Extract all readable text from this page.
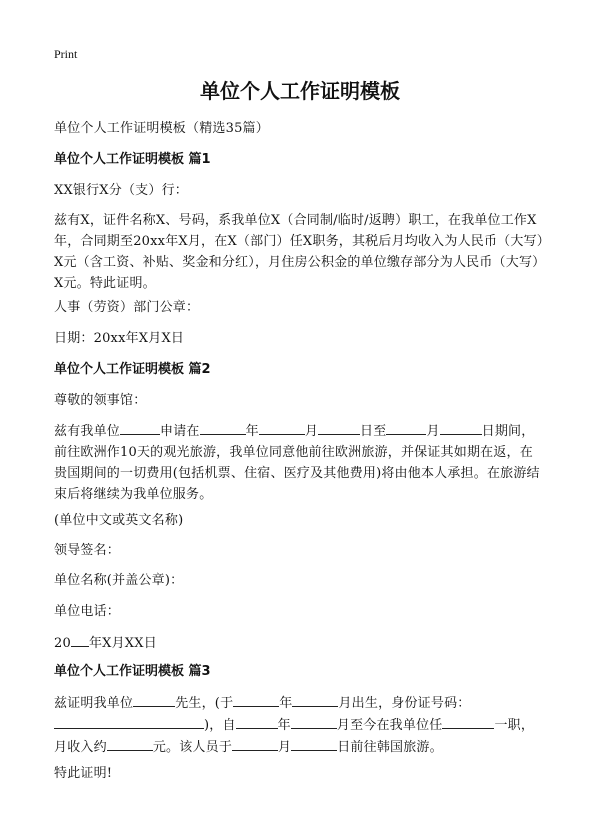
Print
单位个人工作证明模板
单位个人工作证明模板（精选35篇）
单位个人工作证明模板 篇1
XX银行X分（支）行：
兹有X，证件名称X、号码，系我单位X（合同制/临时/返聘）职工，在我单位工作X年，合同期至20xx年X月，在X（部门）任X职务，其税后月均收入为人民币（大写）X元（含工资、补贴、奖金和分红），月住房公积金的单位缴存部分为人民币（大写）X元。特此证明。
人事（劳资）部门公章：
日期：20xx年X月X日
单位个人工作证明模板 篇2
尊敬的领事馆：
兹有我单位	申请在	年	月	日至	月	日期间，前往欧洲作10天的观光旅游，我单位同意他前往欧洲旅游，并保证其如期在返，在贵国期间的一切费用(包括机票、住宿、医疗及其他费用)将由他本人承担。在旅游结束后将继续为我单位服务。
(单位中文或英文名称)
领导签名：
单位名称(并盖公章)：
单位电话：
20 年X月XX日
单位个人工作证明模板 篇3
兹证明我单位	先生，(于	年	月出生，身份证号码：)，自	年	月至今在我单位任	一职，月收入约	元。该人员于	月	日前往韩国旅游。
特此证明!
